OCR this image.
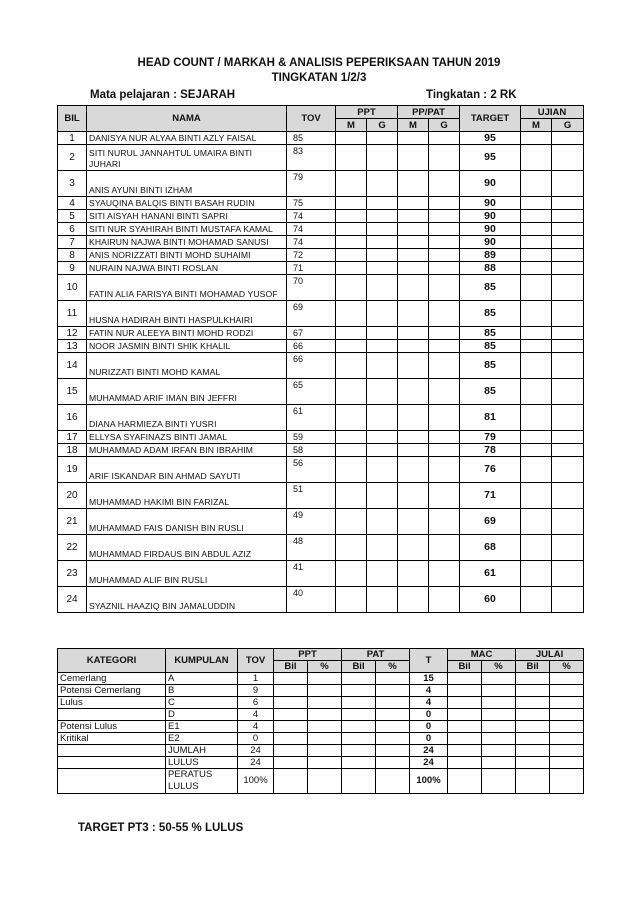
HEAD COUNT / MARKAH & ANALISIS PEPERIKSAAN TAHUN 2019
TINGKATAN 1/2/3
Mata pelajaran : SEJARAH	Tingkatan : 2 RK
BIL	NAMA	TOV	PPT		PP/PAT		TARGET	UJIAN	
			M	G	M	G		M	G
1	DANISYA NUR ALYAA BINTI AZLY FAISAL	85					95		
2	SITI NURUL JANNAHTUL UMAIRA BINTI JUHARI	83					95		
3	ANIS AYUNI BINTI IZHAM	79					90		
4	SYAUQINA BALQIS BINTI BASAH RUDIN	75					90		
5	SITI AISYAH HANANI BINTI SAPRI	74					90		
6	SITI NUR SYAHIRAH BINTI MUSTAFA KAMAL	74					90		
7	KHAIRUN NAJWA BINTI MOHAMAD SANUSI	74					90		
8	ANIS NORIZZATI BINTI MOHD SUHAIMI	72					89		
9	NURAIN NAJWA BINTI ROSLAN	71					88		
10	FATIN ALIA FARISYA BINTI MOHAMAD YUSOF	70					85		
11	HUSNA HADIRAH BINTI HASPULKHAIRI	69					85		
12	FATIN NUR ALEEYA BINTI MOHD RODZI	67					85		
13	NOOR JASMIN BINTI SHIK KHALIL	66					85		
14	NURIZZATI BINTI MOHD KAMAL	66					85		
15	MUHAMMAD ARIF IMAN BIN JEFFRI	65					85		
16	DIANA HARMIEZA BINTI YUSRI	61					81		
17	ELLYSA SYAFINAZS BINTI JAMAL	59					79		
18	MUHAMMAD ADAM IRFAN BIN IBRAHIM	58					78		
19	ARIF ISKANDAR BIN AHMAD SAYUTI	56					76		
20	MUHAMMAD HAKIMI BIN FARIZAL	51					71		
21	MUHAMMAD FAIS DANISH BIN RUSLI	49					69		
22	MUHAMMAD FIRDAUS BIN ABDUL AZIZ	48					68		
23	MUHAMMAD ALIF BIN RUSLI	41					61		
24	SYAZNIL HAAZIQ BIN JAMALUDDIN	40					60		
KATEGORI	KUMPULAN	TOV	PPT		PAT		T	MAC		JULAI	
			Bil	%	Bil	%		Bil	%	Bil	%
Cemerlang	A	1					15				
Potensi Cemerlang	B	9					4				
Lulus	C	6					4				
	D	4					0				
Potensi Lulus	E1	4					0				
Kritikal	E2	0					0				
	JUMLAH	24					24				
	LULUS	24					24				
	PERATUS LULUS	100%					100%				
TARGET PT3 : 50-55 % LULUS
